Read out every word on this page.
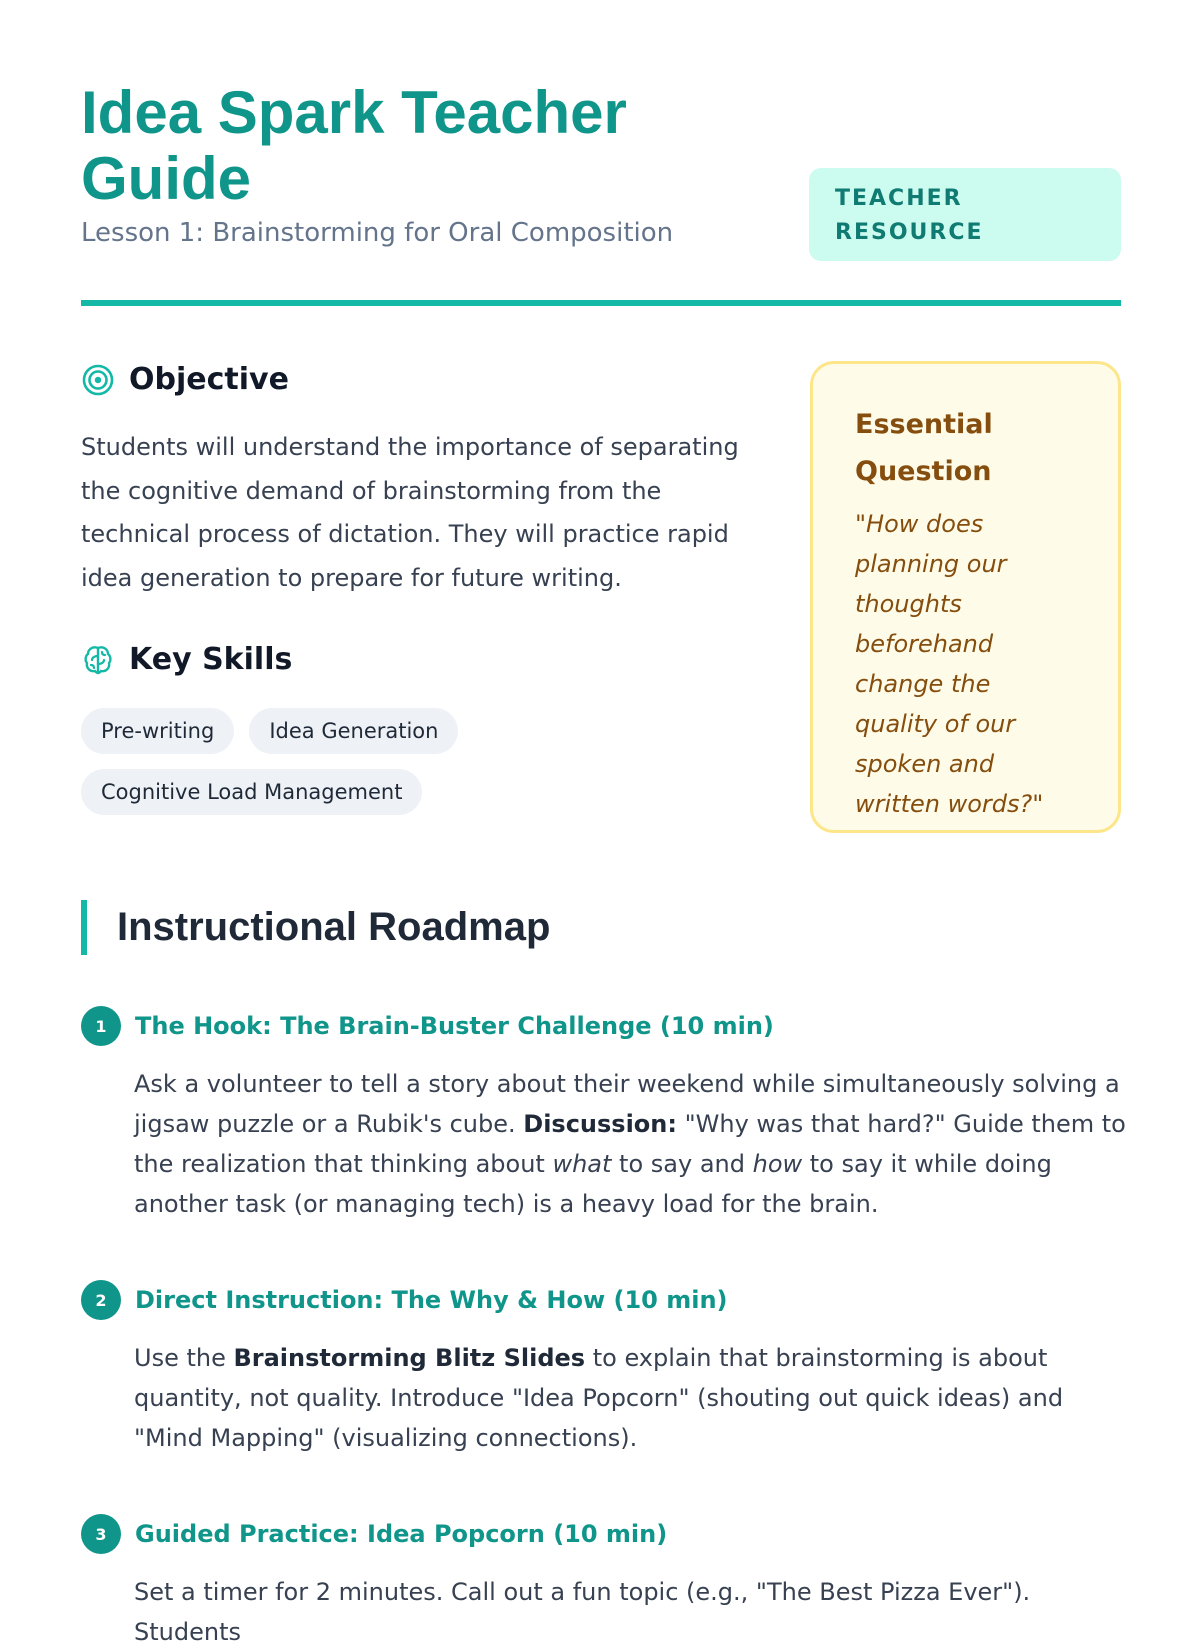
Idea Spark Teacher Guide
Lesson 1: Brainstorming for Oral Composition
TEACHER
RESOURCE
Objective

Students will understand the importance of separating the cognitive demand of brainstorming from the technical process of dictation. They will practice rapid idea generation to prepare for future writing.

Key Skills
Pre-writing	Idea Generation
Cognitive Load Management
Essential Question
"How does planning our thoughts beforehand change the quality of our spoken and written words?"
Instructional Roadmap
1	The Hook: The Brain-Buster Challenge (10 min)

Ask a volunteer to tell a story about their weekend while simultaneously solving a jigsaw puzzle or a Rubik's cube. Discussion: "Why was that hard?" Guide them to the realization that thinking about what to say and how to say it while doing another task (or managing tech) is a heavy load for the brain.

2	Direct Instruction: The Why & How (10 min)

Use the Brainstorming Blitz Slides to explain that brainstorming is about quantity, not quality. Introduce "Idea Popcorn" (shouting out quick ideas) and "Mind Mapping" (visualizing connections).

3	Guided Practice: Idea Popcorn (10 min)

Set a timer for 2 minutes. Call out a fun topic (e.g., "The Best Pizza Ever"). Students
